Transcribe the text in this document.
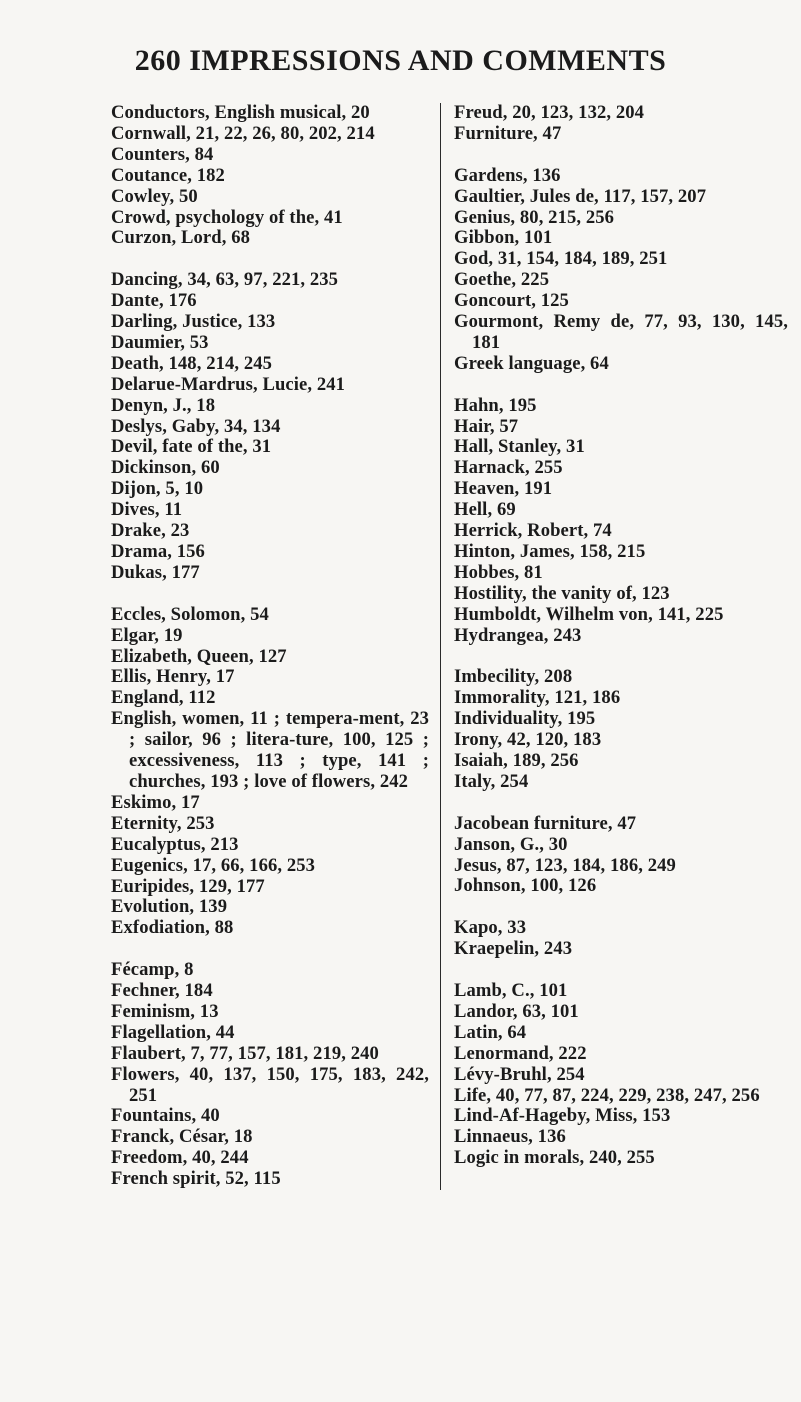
260 IMPRESSIONS AND COMMENTS
Conductors, English musical, 20
Cornwall, 21, 22, 26, 80, 202, 214
Counters, 84
Coutance, 182
Cowley, 50
Crowd, psychology of the, 41
Curzon, Lord, 68
Dancing, 34, 63, 97, 221, 235
Dante, 176
Darling, Justice, 133
Daumier, 53
Death, 148, 214, 245
Delarue-Mardrus, Lucie, 241
Denyn, J., 18
Deslys, Gaby, 34, 134
Devil, fate of the, 31
Dickinson, 60
Dijon, 5, 10
Dives, 11
Drake, 23
Drama, 156
Dukas, 177
Eccles, Solomon, 54
Elgar, 19
Elizabeth, Queen, 127
Ellis, Henry, 17
England, 112
English, women, 11 ; tempera-ment, 23 ; sailor, 96 ; litera-ture, 100, 125 ; excessiveness, 113 ; type, 141 ; churches, 193 ; love of flowers, 242
Eskimo, 17
Eternity, 253
Eucalyptus, 213
Eugenics, 17, 66, 166, 253
Euripides, 129, 177
Evolution, 139
Exfodiation, 88
Fécamp, 8
Fechner, 184
Feminism, 13
Flagellation, 44
Flaubert, 7, 77, 157, 181, 219, 240
Flowers, 40, 137, 150, 175, 183, 242, 251
Fountains, 40
Franck, César, 18
Freedom, 40, 244
French spirit, 52, 115
Freud, 20, 123, 132, 204
Furniture, 47
Gardens, 136
Gaultier, Jules de, 117, 157, 207
Genius, 80, 215, 256
Gibbon, 101
God, 31, 154, 184, 189, 251
Goethe, 225
Goncourt, 125
Gourmont, Remy de, 77, 93, 130, 145, 181
Greek language, 64
Hahn, 195
Hair, 57
Hall, Stanley, 31
Harnack, 255
Heaven, 191
Hell, 69
Herrick, Robert, 74
Hinton, James, 158, 215
Hobbes, 81
Hostility, the vanity of, 123
Humboldt, Wilhelm von, 141, 225
Hydrangea, 243
Imbecility, 208
Immorality, 121, 186
Individuality, 195
Irony, 42, 120, 183
Isaiah, 189, 256
Italy, 254
Jacobean furniture, 47
Janson, G., 30
Jesus, 87, 123, 184, 186, 249
Johnson, 100, 126
Kapo, 33
Kraepelin, 243
Lamb, C., 101
Landor, 63, 101
Latin, 64
Lenormand, 222
Lévy-Bruhl, 254
Life, 40, 77, 87, 224, 229, 238, 247, 256
Lind-Af-Hageby, Miss, 153
Linnaeus, 136
Logic in morals, 240, 255
